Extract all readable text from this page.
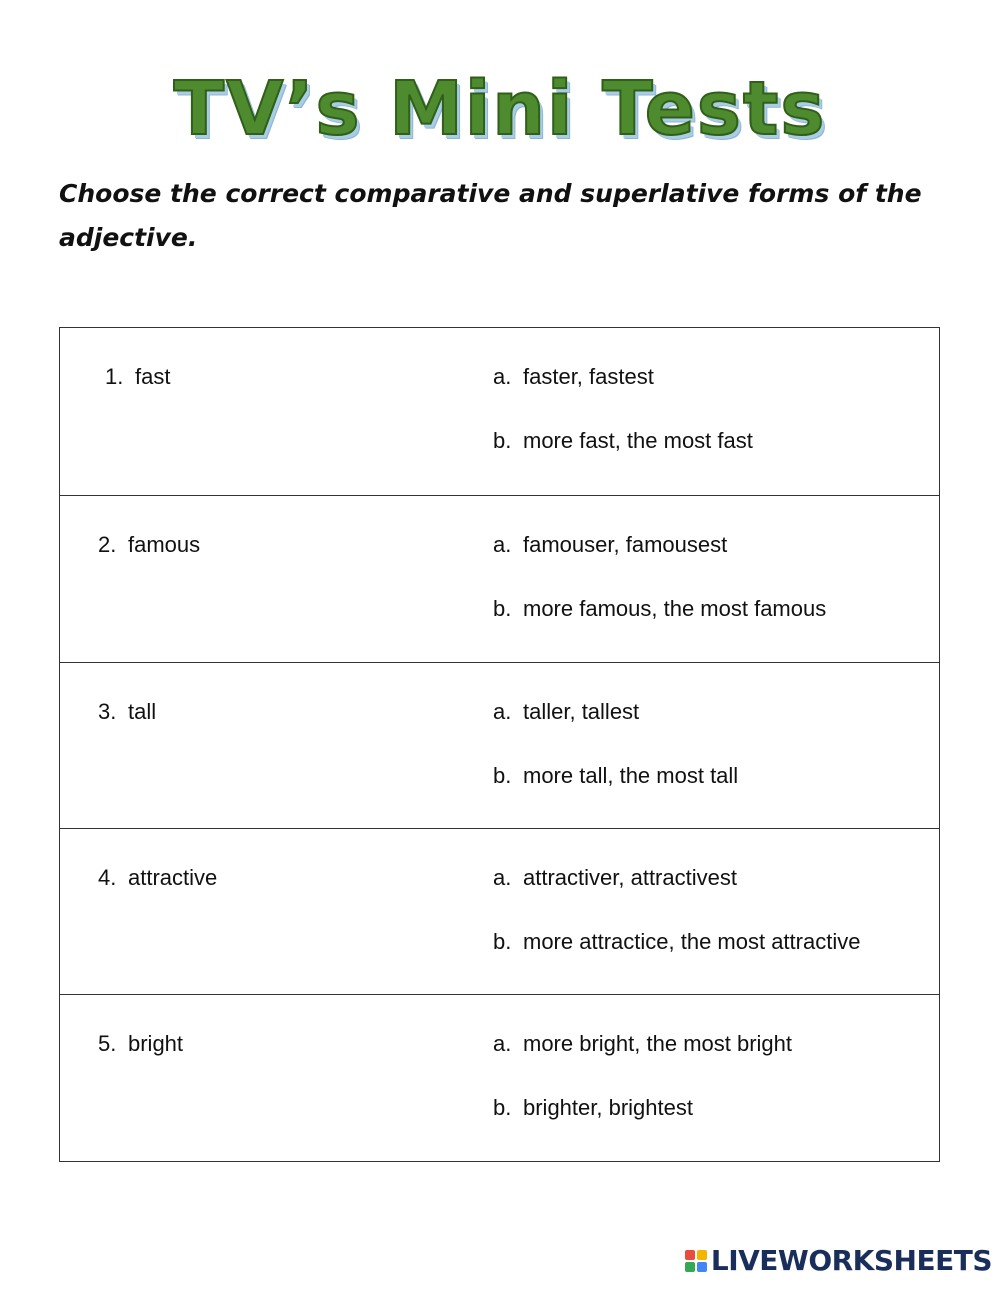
TV’s Mini Tests
Choose the correct comparative and superlative forms of the adjective.
1. fast	a. faster, fastest
b. more fast, the most fast
2. famous	a. famouser, famousest
b. more famous, the most famous
3. tall	a. taller, tallest
b. more tall, the most tall
4. attractive	a. attractiver, attractivest
b. more attractice, the most attractive
5. bright	a. more bright, the most bright
b. brighter, brightest
LIVEWORKSHEETS
